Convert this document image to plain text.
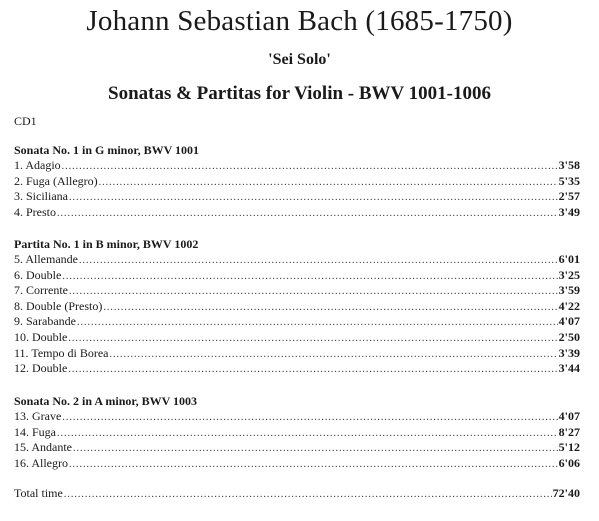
Johann Sebastian Bach (1685-1750)
'Sei Solo'
Sonatas & Partitas for Violin - BWV 1001-1006
CD1
Sonata No. 1 in G minor, BWV 1001
1. Adagio .....	3'58
2. Fuga (Allegro) .....	5'35
3. Siciliana .....	2'57
4. Presto .....	3'49
Partita No. 1 in B minor, BWV 1002
5. Allemande .....	6'01
6. Double .....	3'25
7. Corrente .....	3'59
8. Double (Presto) .....	4'22
9. Sarabande .....	4'07
10. Double .....	2'50
11. Tempo di Borea .....	3'39
12. Double .....	3'44
Sonata No. 2 in A minor, BWV 1003
13. Grave .....	4'07
14. Fuga .....	8'27
15. Andante .....	5'12
16. Allegro .....	6'06
Total time .....	72'40
